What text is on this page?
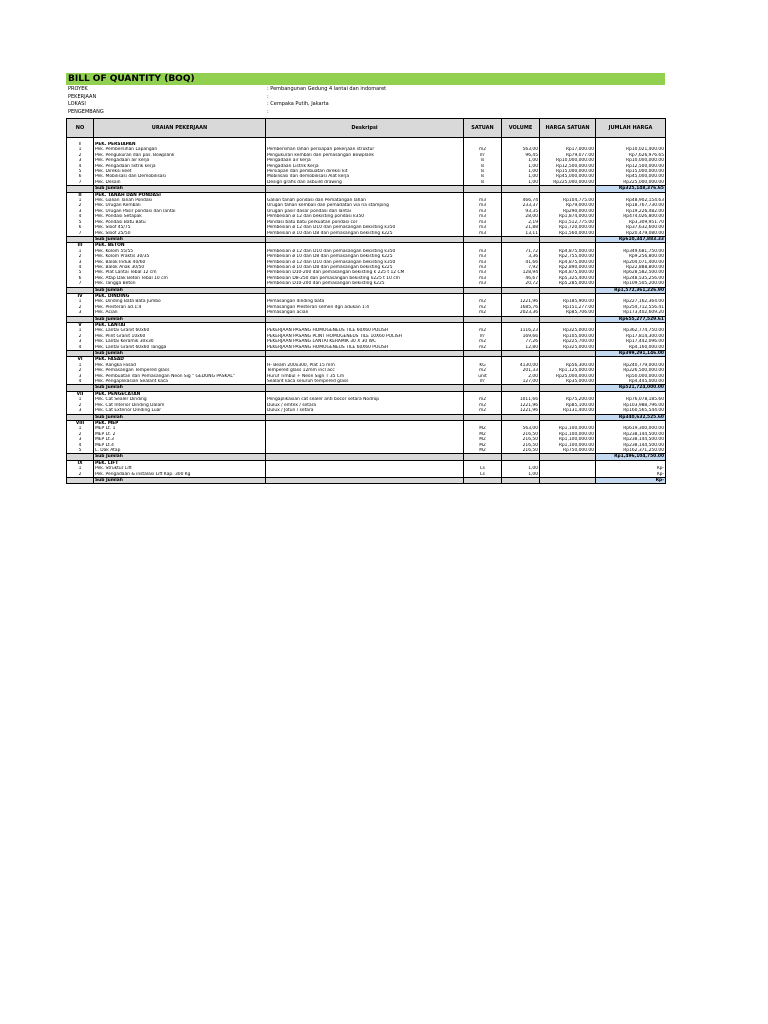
BILL OF QUANTITY (BOQ)
PROYEK	: Pembangunan Gedung 4 lantai dan indomaret
PEKERJAAN	:
LOKASI	: Cempaka Putih, Jakarta
PENGEMBANG	:
NO	URAIAN PEKERJAAN	Deskripsi	SATUAN	VOLUME	HARGA SATUAN	JUMLAH HARGA

I	PEK. PERSIAPAN					
1	Pek. Pembersihan Lapangan	Pembersihan lahan persiapan pekerjaan struktur	m2	563,00	Rp17,000.00	Rp10,021,400.00
2	Pek. Pengukuran dan pas. Bowplank	Pengukuran kembali dan pemasangan Bowplank	m'	96,45	Rp79,077.00	Rp7,626,976.65
3	Pek. Pengadaan air kerja	Pengadaan air kerja	ls	1,00	Rp10,000,000.00	Rp10,000,000.00
4	Pek. Pengadaan listrik kerja	Pengadaan Listrik Kerja	ls	1,00	Rp12,500,000.00	Rp12,500,000.00
5	Pek. Direksi keet	Persiapan dan pembuatan direksi kit	ls	1,00	Rp15,000,000.00	Rp15,000,000.00
6	Pek. Mobilisasi dan Demobilisasi	Mobilisasi dan demobilisasi Alat kerja	ls	1,00	Rp45,000,000.00	Rp45,000,000.00
7	Pek. Desain	Design grafis dan asbuild drawing	ls	1,00	Rp225,000,000.00	Rp225,000,000.00
	Sub Jumlah					Rp325,148,376.65
II	PEK. TANAH DAN PONDASI					
1	Pek. Galian Tanah Pondasi	Galian tanah pondasi dan Pematangan lahan	m3	466,74	Rp104,775.00	Rp48,902,154.63
2	Pek. Urugan Kembali	Urugan tahan kembali dan pemadatan via ria stamping	m3	233,37	Rp79,000.00	Rp18,767,730.00
3	Pek. Urugan Pasir pondasi dan lantai	Urugan pasir dasar pondasi dan lantai	m3	93,35	Rp290,000.00	Rp19,226,482.00
4	Pek. Pondasi Setapak	Pembesian ø 12 dan bekisting pondasi k350	m3	28,00	Rp1,874,000.00	Rp474,026,800.00
5	Pek. Pondasi Batu Batu	Pondasi batu batu perkuatan pondasi cor	m3	2,19	Rp1,512,775.00	Rp3,309,951.70
6	Pek. Sloof 45/75	Pembesian ø 12 dan D10 dan pemasangan bekisting k350	m3	21,88	Rp1,720,000.00	Rp37,632,600.00
7	Pek. Sloof 25/50	Pembesian ø 10 dan D8 dan pemasangan bekisting k225	m3	13,11	Rp1,560,000.00	Rp20,479,080.00
	Sub Jumlah					Rp610,347,883.33
III	PEK. BETON					
1	Pek. Kolom 55/55	Pembesian ø 12 dan D10 dan pemasangan bekisting k350	m3	71,72	Rp4,875,000.00	Rp349,681,750.00
2	Pek. Kolom Praktis 30/35	Pembesian ø 10 dan D8 dan pemasangan bekisting k225	m3	3,36	Rp2,755,000.00	Rp9,256,800.00
3	Pek. Balok Induk 40/60	Pembesian ø 12 dan D10 dan pemasangan bekisting k350	m3	41,66	Rp4,875,000.00	Rp204,071,400.00
4	Pek. Balok Anak 30/50	Pembesian ø 10 dan D8 dan pemasangan bekisting k225	m3	7,92	Rp2,890,000.00	Rp22,888,800.00
5	Pek. Plat Lantai Tebal 12 cm	Pembesian D10-200 dan pemasangan bekisting k 225 t 12 CM	m3	128,94	Rp4,875,000.00	Rp628,582,500.00
6	Pek. Atap Dak Beton Tebal 10 cm	Pembesian D8-250 dan pemasangan bekisting k225 t 10 cm	m3	46,67	Rp5,325,400.00	Rp248,535,256.00
7	Pek. Tangga Beton	Pembesian D10-200 dan pemasangan bekisting k225	m3	20,72	Rp5,285,000.00	Rp109,505,200.00
	Sub Jumlah					Rp1,572,361,226.90
IV	PEK. DINDING					
1	Pek. Dinding Bata Bata Jumbo	Pemasangan dinding bata	m2	1221,96	Rp185,900.00	Rp227,162,364.00
2	Pek. Plesteran ad.1:4	Pemasangan Plesteran semen dgn adukan 1:4	m2	1685,76	Rp151,277.00	Rp254,712,556.41
3	Pek. Acian	Pemasangan acian	m2	2023,36	Rp85,706.00	Rp173,402,609.20
	Sub Jumlah					Rp655,277,529.61
V	PEK. LANTAI					
1	Pek. Lantai Granit 60x60	PEKERJAAN PASANG HOMOGENEUS TILE 60X60 POLISH	m2	1116,23	Rp325,000.00	Rp362,774,750.00
2	Pek. Plint Granit 10x60	PEKERJAAN PASANG PLINT HOMOGENEUS TILE 10X60 POLISH	m'	169,66	Rp105,000.00	Rp17,814,300.00
3	Pek. Lantai Keramik 30x30	PEKERJAAN PASANG LANTAI KERAMIK 30 X 30 WC	m2	77,26	Rp225,700.00	Rp17,442,096.00
4	Pek. Lantai Granit 60x60 Tangga	PEKERJAAN PASANG HOMOGENEUS TILE 60X60 POLISH	m2	12,80	Rp325,000.00	Rp4,160,000.00
	Sub Jumlah					Rp399,291,146.00
VI	PEK. FASAD					
1	Pek. Rangka Fasad	H- Beam 200x300, Plat 15 mm	KG	4130,00	Rp56,300.00	Rp240,779,000.00
2	Pek. Pemasangan Tempered glass	Tempered glass 12mm incl acc	m2	201,33	Rp1,125,000.00	Rp226,500,000.00
3	Pek. Pembuatan dan Pemasangan Neon Sig " GEDUNG PASKAL"	Huruf Timbul + Neon Sign T 35 Cm	unit	2,00	Rp25,000,000.00	Rp50,000,000.00
4	Pek. Pengaplikasian Sealant kaca	Sealant kaca seluruh tempered glass	m'	127,00	Rp35,000.00	Rp4,445,000.00
	Sub Jumlah					Rp521,724,000.00
VII	PEK. PENGECATAN					
1	Pek. Cat Sealer Dinding	Pengaplikasian cat sealer anti bocor setara Nodrop	m2	1011,66	Rp75,200.00	Rp76,078,185.60
2	Pek. Cat Interior Dinding Dalam	Dulux / emtex / setara	m2	1221,96	Rp85,100.00	Rp103,988,796.00
3	Pek. Cat Exterior Dinding Luar	Dulux / Jotun / setara	m2	1221,96	Rp131,400.00	Rp160,565,544.00
	Sub Jumlah					Rp340,632,525.60
VIII	PEK. MEP					
1	MEP Lt. 1		M2	563,00	Rp1,100,000.00	Rp619,300,000.00
2	MEP Lt. 2		M2	216,50	Rp1,100,000.00	Rp238,144,500.00
3	MEP Lt.3		M2	216,50	Rp1,100,000.00	Rp238,144,500.00
4	MEP Lt.4		M2	216,50	Rp1,100,000.00	Rp238,144,500.00
5	L. Dak Atap		M2	216,50	Rp750,000.00	Rp162,371,250.00
	Sub Jumlah					Rp1,496,104,750.00
IX	PEK. LIFT					
1	Pek. Struktur Lift		Ls	1,00		Rp-
2	Pek. Pengadaan & instalasi Lift Kap. 300 Kg		Ls	1,00		Rp-
	Sub Jumlah					Rp-
